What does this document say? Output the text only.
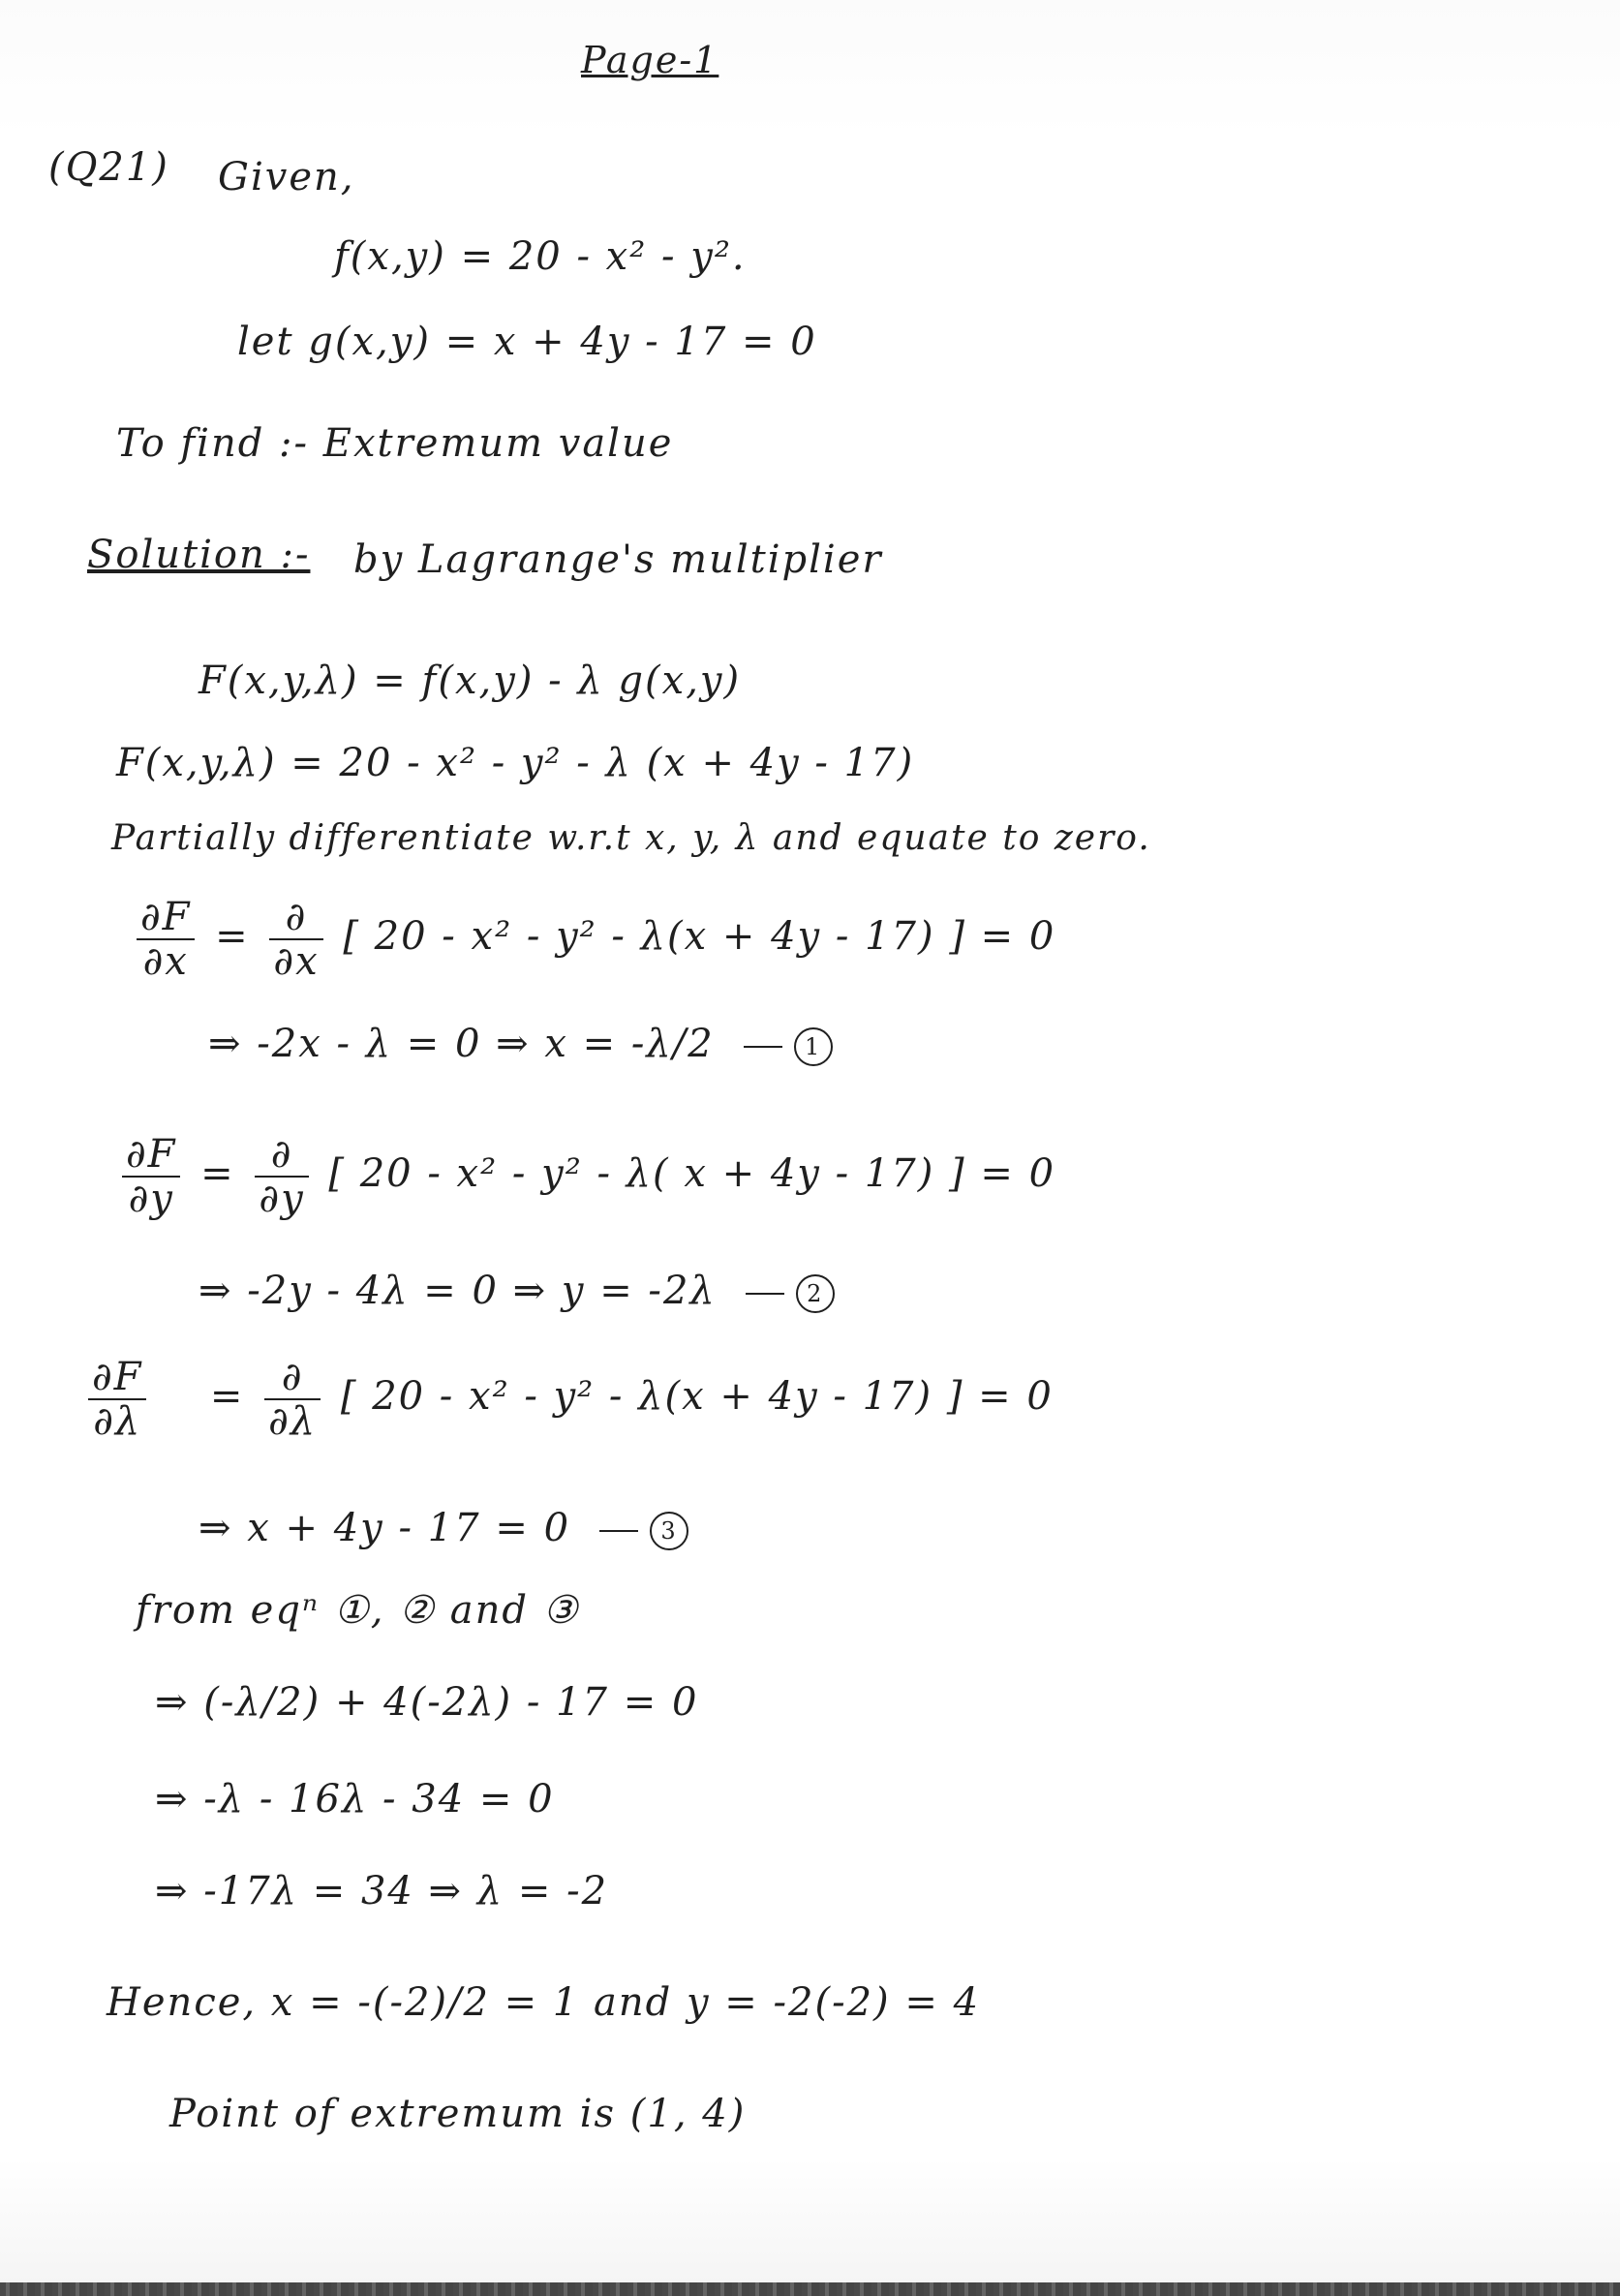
Page-1
(Q21) Given,
f(x,y) = 20 - x² - y².
let g(x,y) = x + 4y - 17 = 0
To find :- Extremum value
Solution :- by Lagrange's multiplier
F(x,y,λ) = f(x,y) - λ g(x,y)
F(x,y,λ) = 20 - x² - y² - λ (x + 4y - 17)
Partially differentiate w.r.t x, y, λ and equate to zero.
$\frac{\partial F}{\partial x} = \frac{\partial}{\partial x}$ [ 20 - x² - y² - λ(x + 4y - 17) ] = 0
⇒ -2x - λ = 0 ⇒ x = -λ/2	1
$\frac{\partial F}{\partial y} = \frac{\partial}{\partial y}$ [ 20 - x² - y² - λ( x + 4y - 17) ] = 0
⇒ -2y - 4λ = 0 ⇒ y = -2λ	2
$\frac{\partial F}{\partial\lambda} = \frac{\partial}{\partial\lambda}$ [ 20 - x² - y² - λ(x + 4y - 17) ] = 0
⇒ x + 4y - 17 = 0	3
from eqⁿ ①, ② and ③
⇒ (-λ/2) + 4(-2λ) - 17 = 0
⇒ -λ - 16λ - 34 = 0
⇒ -17λ = 34 ⇒ λ = -2
Hence, x = -(-2)/2 = 1 and y = -2(-2) = 4
Point of extremum is (1, 4)
